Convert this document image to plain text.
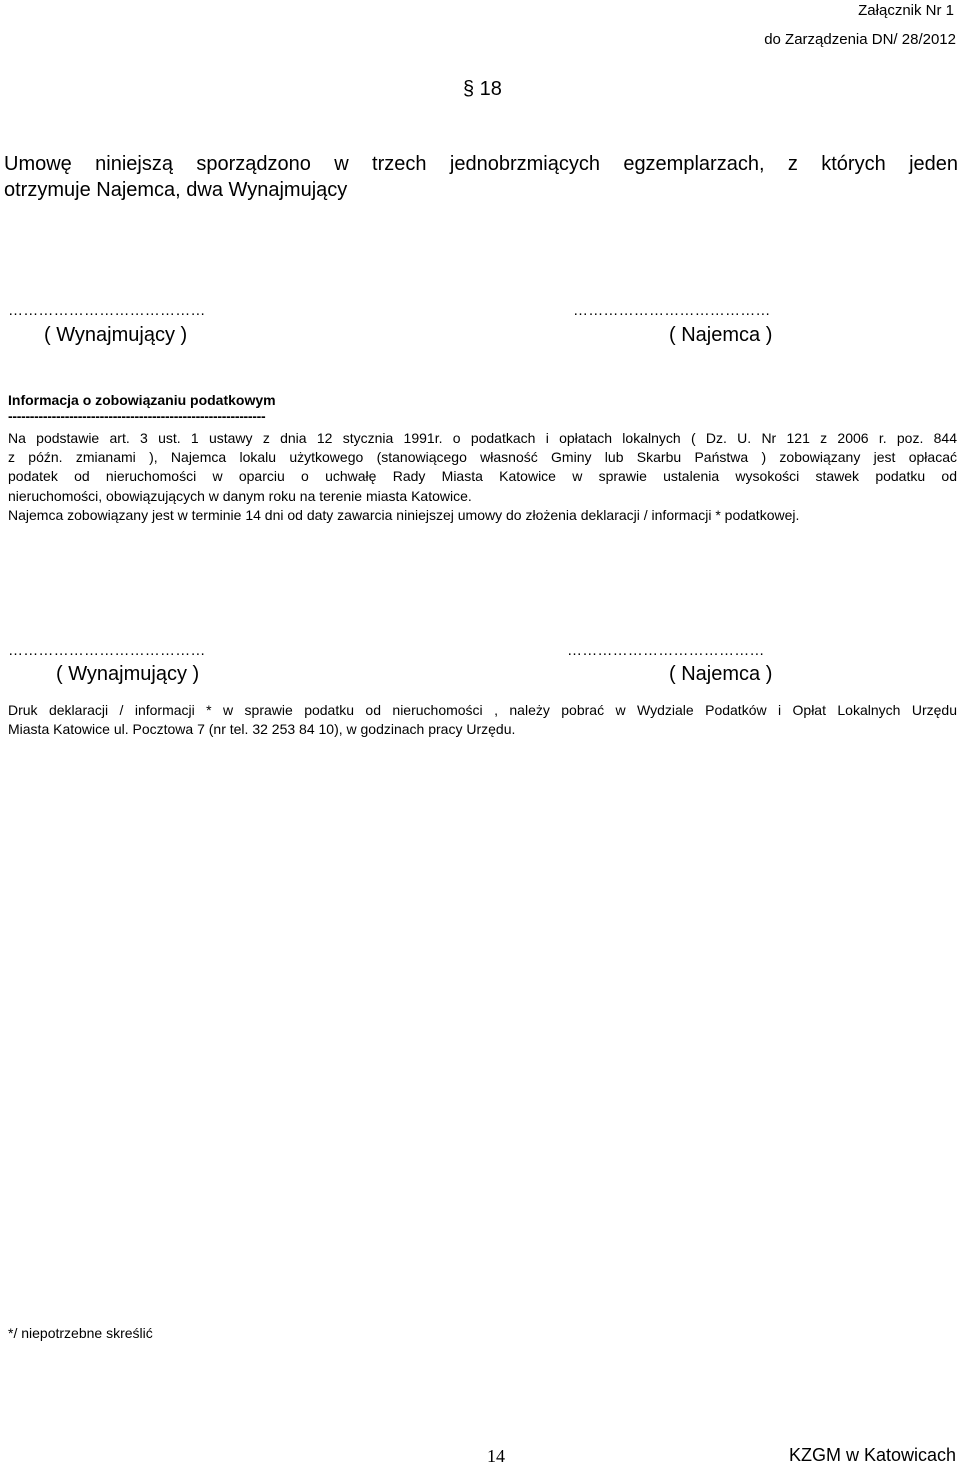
Załącznik Nr 1
do Zarządzenia DN/ 28/2012
§ 18
Umowę niniejszą sporządzono w trzech jednobrzmiących egzemplarzach, z których jeden
otrzymuje Najemca, dwa Wynajmujący
…………………………………
( Wynajmujący )
…………………………………
( Najemca )
Informacja o zobowiązaniu podatkowym
-----------------------------------------------------------
Na podstawie art. 3 ust. 1 ustawy z dnia 12 stycznia 1991r. o podatkach i opłatach lokalnych ( Dz. U. Nr 121 z 2006 r. poz. 844
z późn. zmianami ), Najemca lokalu użytkowego (stanowiącego własność Gminy lub Skarbu Państwa ) zobowiązany jest opłacać
podatek od nieruchomości w oparciu o uchwałę Rady Miasta Katowice w sprawie ustalenia wysokości stawek podatku od
nieruchomości, obowiązujących w danym roku na terenie miasta Katowice.
Najemca zobowiązany jest w terminie 14 dni od daty zawarcia niniejszej umowy do złożenia deklaracji / informacji * podatkowej.
…………………………………
( Wynajmujący )
…………………………………
( Najemca )
Druk deklaracji / informacji * w sprawie podatku od nieruchomości , należy pobrać w Wydziale Podatków i Opłat Lokalnych Urzędu
Miasta Katowice ul. Pocztowa 7 (nr tel. 32 253 84 10), w godzinach pracy Urzędu.
*/ niepotrzebne skreślić
14	KZGM w Katowicach
